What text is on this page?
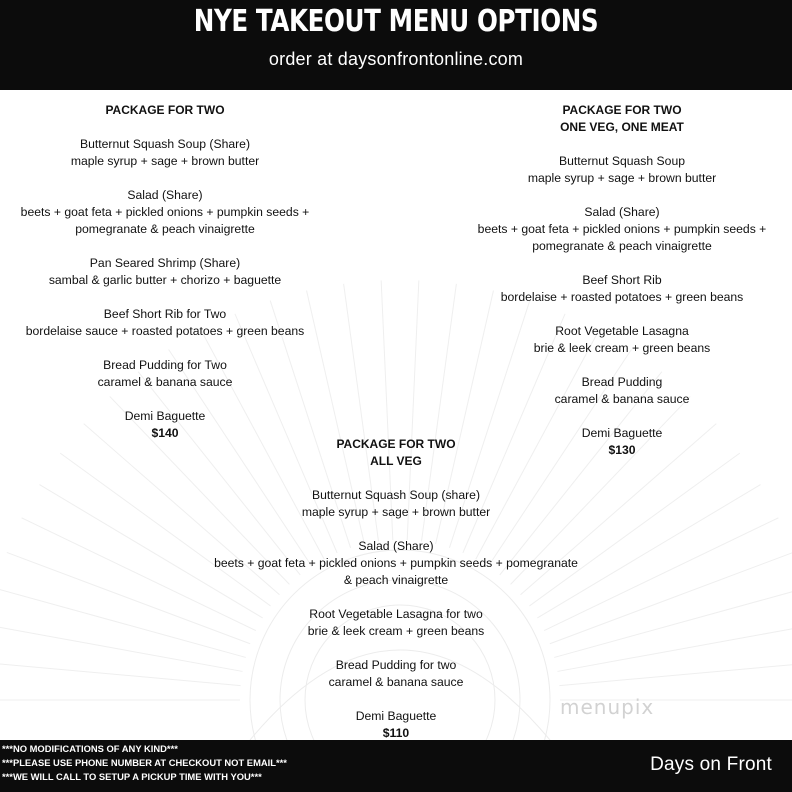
NYE TAKEOUT MENU OPTIONS
order at daysonfrontonline.com
PACKAGE FOR TWO
Butternut Squash Soup (Share)
maple syrup + sage + brown butter
Salad (Share)
beets + goat feta + pickled onions + pumpkin seeds +
pomegranate & peach vinaigrette
Pan Seared Shrimp (Share)
sambal & garlic butter + chorizo + baguette
Beef Short Rib for Two
bordelaise sauce + roasted potatoes + green beans
Bread Pudding for Two
caramel & banana sauce
Demi Baguette
$140
PACKAGE FOR TWO
ONE VEG, ONE MEAT
Butternut Squash Soup
maple syrup + sage + brown butter
Salad (Share)
beets + goat feta + pickled onions + pumpkin seeds +
pomegranate & peach vinaigrette
Beef Short Rib
bordelaise + roasted potatoes + green beans
Root Vegetable Lasagna
brie & leek cream + green beans
Bread Pudding
caramel & banana sauce
Demi Baguette
$130
PACKAGE FOR TWO
ALL VEG
Butternut Squash Soup (share)
maple syrup + sage + brown butter
Salad (Share)
beets + goat feta + pickled onions + pumpkin seeds + pomegranate
& peach vinaigrette
Root Vegetable Lasagna for two
brie & leek cream + green beans
Bread Pudding for two
caramel & banana sauce
Demi Baguette
$110
menupix
***NO MODIFICATIONS OF ANY KIND***
***PLEASE USE PHONE NUMBER AT CHECKOUT NOT EMAIL***
***WE WILL CALL TO SETUP A PICKUP TIME WITH YOU***
Days on Front
